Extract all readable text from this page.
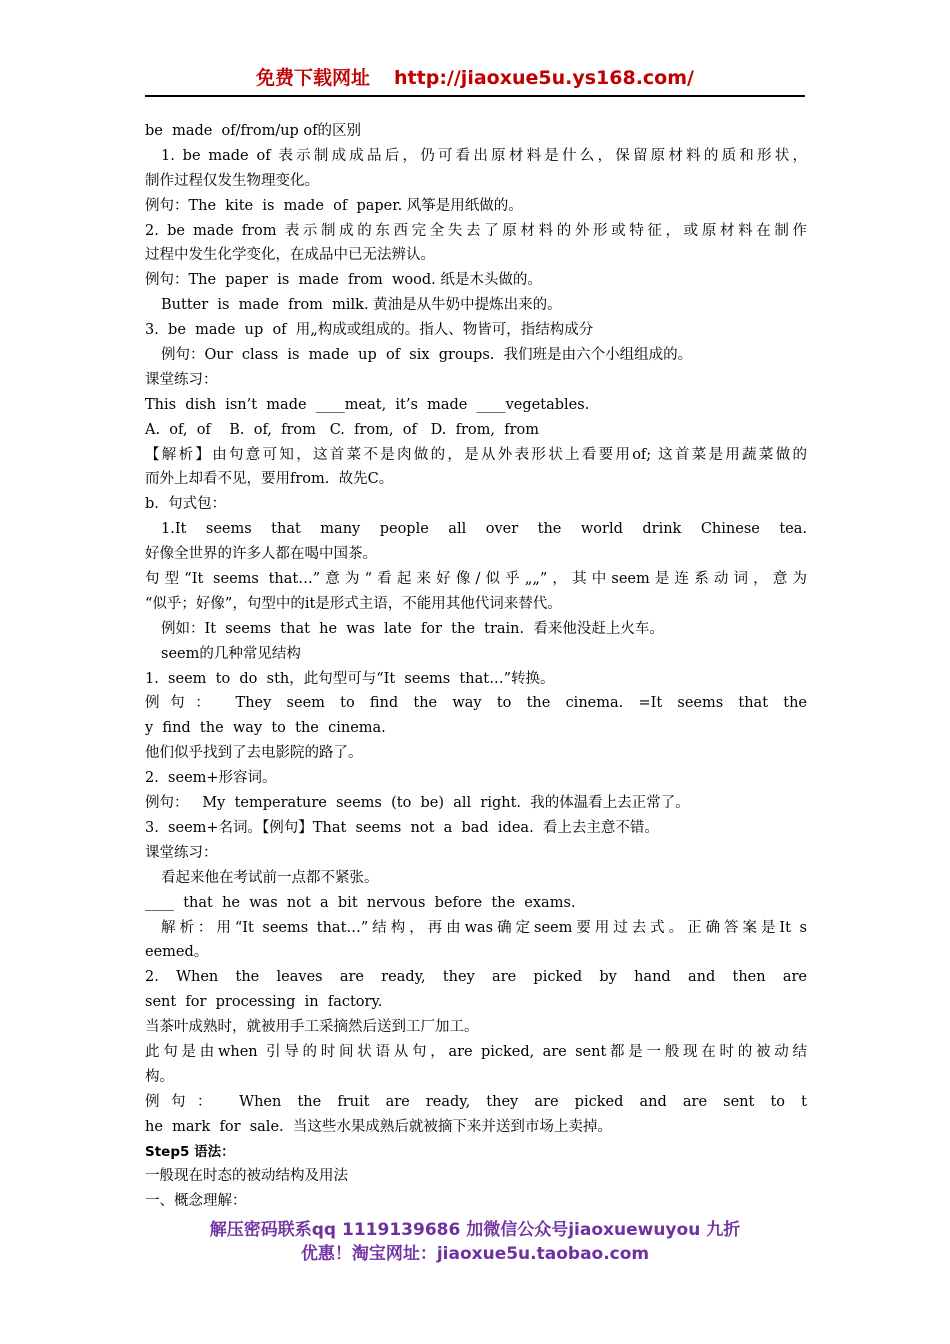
免费下载网址 http://jiaoxue5u.ys168.com/
be  made  of/from/up of的区别
1. be made of 表示制成成品后，仍可看出原材料是什么，保留原材料的质和形状，
制作过程仅发生物理变化。
例句：The  kite  is  made  of  paper. 风筝是用纸做的。
2. be made from 表示制成的东西完全失去了原材料的外形或特征，或原材料在制作
过程中发生化学变化，在成品中已无法辨认。
例句：The  paper  is  made  from  wood. 纸是木头做的。
Butter  is  made  from  milk. 黄油是从牛奶中提炼出来的。
3.  be  made  up  of  用„构成或组成的。指人、物皆可，指结构成分
例句：Our  class  is  made  up  of  six  groups.  我们班是由六个小组组成的。
课堂练习：
This  dish  isn’t  made  ____meat,  it’s  made  ____vegetables.
A.  of,  of    B.  of,  from   C.  from,  of   D.  from,  from
【解析】由句意可知，这首菜不是肉做的，是从外表形状上看要用of; 这首菜是用蔬菜做的
而外上却看不见，要用from.  故先C。
b.  句式包：
1.It seems that many people all over the world drink Chinese tea.
好像全世界的许多人都在喝中国茶。
句型“It seems that…”意为“看起来好像/似乎„„”，其中seem是连系动词，意为
“似乎；好像”，句型中的it是形式主语，不能用其他代词来替代。
例如：It  seems  that  he  was  late  for  the  train.  看来他没赶上火车。
seem的几种常见结构
1.  seem  to  do  sth，此句型可与“It  seems  that…”转换。
例句： They seem to find the way to the cinema. =It seems that the
y  find  the  way  to  the  cinema.
他们似乎找到了去电影院的路了。
2.  seem+形容词。
例句：   My  temperature  seems  (to  be)  all  right.  我的体温看上去正常了。
3.  seem+名词。【例句】That  seems  not  a  bad  idea.  看上去主意不错。
课堂练习：
看起来他在考试前一点都不紧张。
____  that  he  was  not  a  bit  nervous  before  the  exams.
解析：用“It seems that…”结构，再由was确定seem要用过去式。正确答案是It s
eemed。
2. When the leaves are ready, they are picked by hand and then are
sent  for  processing  in  factory.
当茶叶成熟时，就被用手工采摘然后送到工厂加工。
此句是由when 引导的时间状语从句，are picked, are sent都是一般现在时的被动结
构。
例句： When the fruit are ready, they are picked and are sent to t
he  mark  for  sale.  当这些水果成熟后就被摘下来并送到市场上卖掉。
Step5 语法：
一般现在时态的被动结构及用法
一、概念理解：
解压密码联系qq 1119139686 加微信公众号jiaoxuewuyou 九折
优惠！淘宝网址：jiaoxue5u.taobao.com
